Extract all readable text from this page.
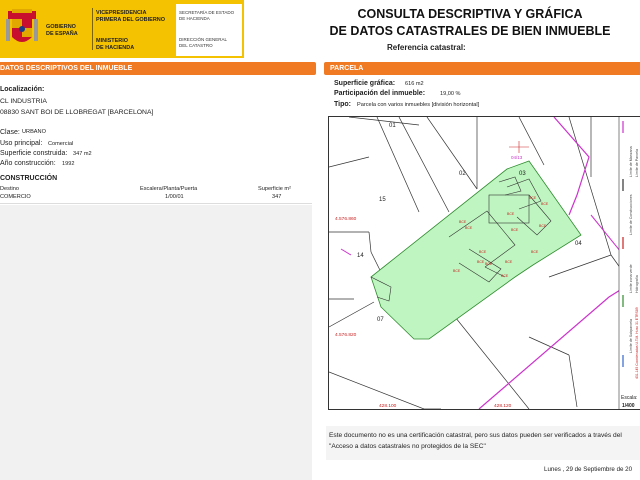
GOBIERNO
DE ESPAÑA
VICEPRESIDENCIA
PRIMERA DEL GOBIERNO
MINISTERIO
DE HACIENDA
SECRETARÍA DE ESTADO
DE HACIENDA
DIRECCIÓN GENERAL
DEL CATASTRO
CONSULTA DESCRIPTIVA Y GRÁFICA
DE DATOS CATASTRALES DE BIEN INMUEBLE
Referencia catastral:
DATOS DESCRIPTIVOS DEL INMUEBLE
Localización:
CL INDUSTRIA
08830 SANT BOI DE LLOBREGAT [BARCELONA]
Clase: URBANO
Uso principal: Comercial
Superficie construida: 347 m2
Año construcción: 1992
CONSTRUCCIÓN
Destino	Escalera/Planta/Puerta	Superficie m²
COMERCIO	1/00/01	347
PARCELA
Superficie gráfica: 616 m2
Participación del inmueble:	19,00 %
Tipo: Parcela con varios inmuebles [división horizontal]
BCE
BCE
BCE
BCE
BCE
BCE
BCE	BCE
BCE
BCE
BCE
BCE
BCE
BCE
15
02	03
14
04
07
01
4.576.860
4.576.820
428.100	428.120
04/13	Límite de Manzana Límite de Parcela
Límite de Construcciones
Límite zona verde Hidrografía
Límite de Subparcela 431.145 Coordenadas U.T.M. Huso 31 ETRS89
Escala:
1/400
Este documento no es una certificación catastral, pero sus datos pueden ser verificados a través del "Acceso a datos catastrales no protegidos de la SEC"
Lunes , 29 de Septiembre de 20
